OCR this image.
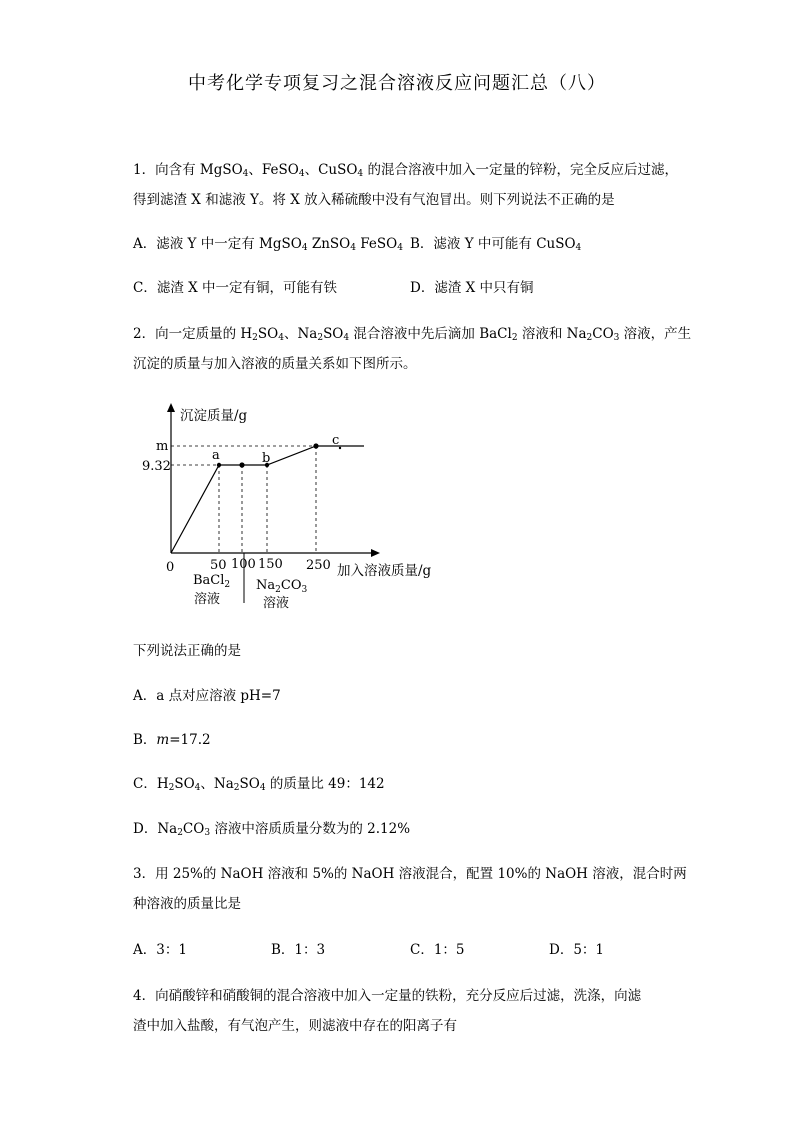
中考化学专项复习之混合溶液反应问题汇总（八）
1．向含有 MgSO$_4$、FeSO$_4$、CuSO$_4$ 的混合溶液中加入一定量的锌粉，完全反应后过滤，
得到滤渣 X 和滤液 Y。将 X 放入稀硫酸中没有气泡冒出。则下列说法不正确的是
A．滤液 Y 中一定有 MgSO$_4$ ZnSO$_4$ FeSO$_4$ B．滤液 Y 中可能有 CuSO$_4$
C．滤渣 X 中一定有铜，可能有铁	D．滤渣 X 中只有铜
2．向一定质量的 $H_2SO_4$、$Na_2SO_4$ 混合溶液中先后滴加 BaCl$_2$ 溶液和 $Na_2CO_3$ 溶液，产生
沉淀的质量与加入溶液的质量关系如下图所示。
沉淀质量/g
m
9.32
a	b
c
0	50 100 150 250 加入溶液质量/g
BaCl$_2$
溶液
$Na_2CO_3$
溶液
下列说法正确的是
A．a 点对应溶液 pH=7
B．m=17.2
C．$H_2SO_4$、$Na_2SO_4$ 的质量比 49：142
D．$Na_2CO_3$ 溶液中溶质质量分数为的 2.12%
3．用 25%的 NaOH 溶液和 5%的 NaOH 溶液混合，配置 10%的 NaOH 溶液，混合时两
种溶液的质量比是
A．3：1	B．1：3	C．1：5	D．5：1
4．向硝酸锌和硝酸铜的混合溶液中加入一定量的铁粉，充分反应后过滤，洗涤，向滤
渣中加入盐酸，有气泡产生，则滤液中存在的阳离子有
